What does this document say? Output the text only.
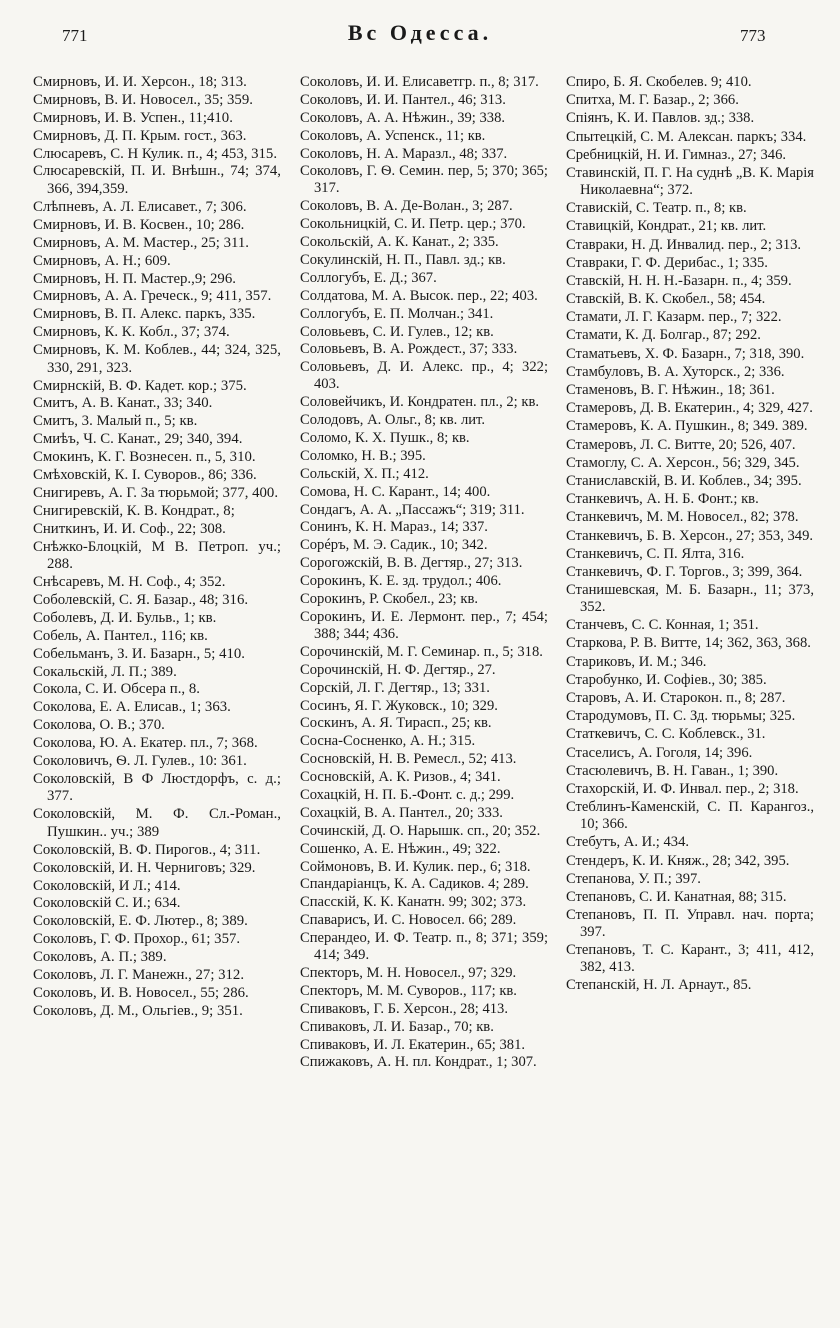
771	Вс Одесса.	773
Смирновъ, И. И. Херсон., 18; 313.
Смирновъ, В. И. Новосел., 35; 359.
Смирновъ, И. В. Успен., 11;410.
Смирновъ, Д. П. Крым. гост., 363.
Слюсаревъ, С. Н Кулик. п., 4; 453, 315.
Слюсаревскій, П. И. Внѣшн., 74; 374, 366, 394,359.
Слѣпневъ, А. Л. Елисавет., 7; 306.
Смирновъ, И. В. Косвен., 10; 286.
Смирновъ, А. М. Мастер., 25; 311.
Смирновъ, А. Н.; 609.
Смирновъ, Н. П. Мастер.,9; 296.
Смирновъ, А. А. Греческ., 9; 411, 357.
Смирновъ, В. П. Алекс. паркъ, 335.
Смирновъ, К. К. Кобл., 37; 374.
Смирновъ, К. М. Коблев., 44; 324, 325, 330, 291, 323.
Смирнскій, В. Ф. Кадет. кор.; 375.
Смитъ, А. В. Канат., 33; 340.
Смитъ, 3. Малый п., 5; кв.
Смиѣъ, Ч. С. Канат., 29; 340, 394.
Смокинъ, К. Г. Вознесен. п., 5, 310.
Смѣховскій, К. І. Суворов., 86; 336.
Снигиревъ, А. Г. За тюрьмой; 377, 400.
Снигиревскій, К. В. Кондрат., 8;
Сниткинъ, И. И. Соф., 22; 308.
Снѣжко-Блоцкій, М В. Петроп. уч.; 288.
Снѣсаревъ, М. Н. Соф., 4; 352.
Соболевскій, С. Я. Базар., 48; 316.
Соболевъ, Д. И. Бульв., 1; кв.
Собель, А. Пантел., 116; кв.
Собельманъ, З. И. Базарн., 5; 410.
Сокальскій, Л. П.; 389.
Сокола, С. И. Обсера п., 8.
Соколова, Е. А. Елисав., 1; 363.
Соколова, О. В.; 370.
Соколова, Ю. А. Екатер. пл., 7; 368.
Соколовичъ, Ѳ. Л. Гулев., 10: 361.
Соколовскій, В Ф Люстдорфъ, с. д.; 377.
Соколовскій, М. Ф. Сл.-Роман., Пушкин.. уч.; 389
Соколовскій, В. Ф. Пирогов., 4; 311.
Соколовскій, И. Н. Черниговъ; 329.
Соколовскій, И Л.; 414.
Соколовскій С. И.; 634.
Соколовскій, Е. Ф. Лютер., 8; 389.
Соколовъ, Г. Ф. Прохор., 61; 357.
Соколовъ, А. П.; 389.
Соколовъ, Л. Г. Манежн., 27; 312.
Соколовъ, И. В. Новосел., 55; 286.
Соколовъ, Д. М., Ольгіев., 9; 351.
Соколовъ, И. И. Елисаветгр. п., 8; 317.
Соколовъ, И. И. Пантел., 46; 313.
Соколовъ, А. А. Нѣжин., 39; 338.
Соколовъ, А. Успенск., 11; кв.
Соколовъ, Н. А. Маразл., 48; 337.
Соколовъ, Г. Ѳ. Семин. пер, 5; 370; 365; 317.
Соколовъ, В. А. Де-Волан., 3; 287.
Сокольницкій, С. И. Петр. цер.; 370.
Сокольскій, А. К. Канат., 2; 335.
Сокулинскій, Н. П., Павл. зд.; кв.
Соллогубъ, Е. Д.; 367.
Солдатова, М. А. Высок. пер., 22; 403.
Соллогубъ, Е. П. Молчан.; 341.
Соловьевъ, С. И. Гулев., 12; кв.
Соловьевъ, В. А. Рождест., 37; 333.
Соловьевъ, Д. И. Алекс. пр., 4; 322; 403.
Соловейчикъ, И. Кондратен. пл., 2; кв.
Солодовъ, А. Ольг., 8; кв. лит.
Соломо, К. Х. Пушк., 8; кв.
Соломко, Н. В.; 395.
Сольскій, Х. П.; 412.
Сомова, Н. С. Карант., 14; 400.
Сондагъ, А. А. „Пассажъ“; 319; 311.
Сонинъ, К. Н. Мараз., 14; 337.
Сорéръ, М. Э. Садик., 10; 342.
Сорогожскій, В. В. Дегтяр., 27; 313.
Сорокинъ, К. Е. зд. трудол.; 406.
Сорокинъ, Р. Скобел., 23; кв.
Сорокинъ, И. Е. Лермонт. пер., 7; 454; 388; 344; 436.
Сорочинскій, М. Г. Семинар. п., 5; 318.
Сорочинскій, Н. Ф. Дегтяр., 27.
Сорскій, Л. Г. Дегтяр., 13; 331.
Сосинъ, Я. Г. Жуковск., 10; 329.
Соскинъ, А. Я. Тирасп., 25; кв.
Сосна-Сосненко, А. Н.; 315.
Сосновскій, Н. В. Ремесл., 52; 413.
Сосновскій, А. К. Ризов., 4; 341.
Сохацкій, Н. П. Б.-Фонт. с. д.; 299.
Сохацкій, В. А. Пантел., 20; 333.
Сочинскій, Д. О. Нарышк. сп., 20; 352.
Сошенко, А. Е. Нѣжин., 49; 322.
Соймоновъ, В. И. Кулик. пер., 6; 318.
Спандаріанцъ, К. А. Садиков. 4; 289.
Спасскій, К. К. Канатн. 99; 302; 373.
Спаварисъ, И. С. Новосел. 66; 289.
Сперандео, И. Ф. Театр. п., 8; 371; 359; 414; 349.
Спекторъ, М. Н. Новосел., 97; 329.
Спекторъ, М. М. Суворов., 117; кв.
Спиваковъ, Г. Б. Херсон., 28; 413.
Спиваковъ, Л. И. Базар., 70; кв.
Спиваковъ, И. Л. Екатерин., 65; 381.
Спижаковъ, А. Н. пл. Кондрат., 1; 307.
Спиро, Б. Я. Скобелев. 9; 410.
Спитха, М. Г. Базар., 2; 366.
Спіянъ, К. И. Павлов. зд.; 338.
Спытецкій, С. М. Алексан. паркъ; 334.
Сребницкій, Н. И. Гимназ., 27; 346.
Ставинскій, П. Г. На суднѣ „В. К. Марія Николаевна“; 372.
Ставискій, С. Театр. п., 8; кв.
Ставицкій, Кондрат., 21; кв. лит.
Ставраки, Н. Д. Инвалид. пер., 2; 313.
Ставраки, Г. Ф. Дерибас., 1; 335.
Ставскій, Н. Н. Н.-Базарн. п., 4; 359.
Ставскій, В. К. Скобел., 58; 454.
Стамати, Л. Г. Казарм. пер., 7; 322.
Стамати, К. Д. Болгар., 87; 292.
Стаматьевъ, Х. Ф. Базарн., 7; 318, 390.
Стамбуловъ, В. А. Хуторск., 2; 336.
Стаменовъ, В. Г. Нѣжин., 18; 361.
Стамеровъ, Д. В. Екатерин., 4; 329, 427.
Стамеровъ, К. А. Пушкин., 8; 349. 389.
Стамеровъ, Л. С. Витте, 20; 526, 407.
Стамоглу, С. А. Херсон., 56; 329, 345.
Станиславскій, В. И. Коблев., 34; 395.
Станкевичъ, А. Н. Б. Фонт.; кв.
Станкевичъ, М. М. Новосел., 82; 378.
Станкевичъ, Б. В. Херсон., 27; 353, 349.
Станкевичъ, С. П. Ялта, 316.
Станкевичъ, Ф. Г. Торгов., 3; 399, 364.
Станишевская, М. Б. Базарн., 11; 373, 352.
Станчевъ, С. С. Конная, 1; 351.
Старкова, Р. В. Витте, 14; 362, 363, 368.
Стариковъ, И. М.; 346.
Старобунко, И. Софіев., 30; 385.
Старовъ, А. И. Старокон. п., 8; 287.
Стародумовъ, П. С. Зд. тюрьмы; 325.
Статкевичъ, С. С. Коблевск., 31.
Стаселисъ, А. Гоголя, 14; 396.
Стасюлевичъ, В. Н. Гаван., 1; 390.
Стахорскій, И. Ф. Инвал. пер., 2; 318.
Стеблинъ-Каменскій, С. П. Карангоз., 10; 366.
Стебутъ, А. И.; 434.
Стендеръ, К. И. Княж., 28; 342, 395.
Степанова, У. П.; 397.
Степановъ, С. И. Канатная, 88; 315.
Степановъ, П. П. Управл. нач. порта; 397.
Степановъ, Т. С. Карант., 3; 411, 412, 382, 413.
Степанскій, Н. Л. Арнаут., 85.
